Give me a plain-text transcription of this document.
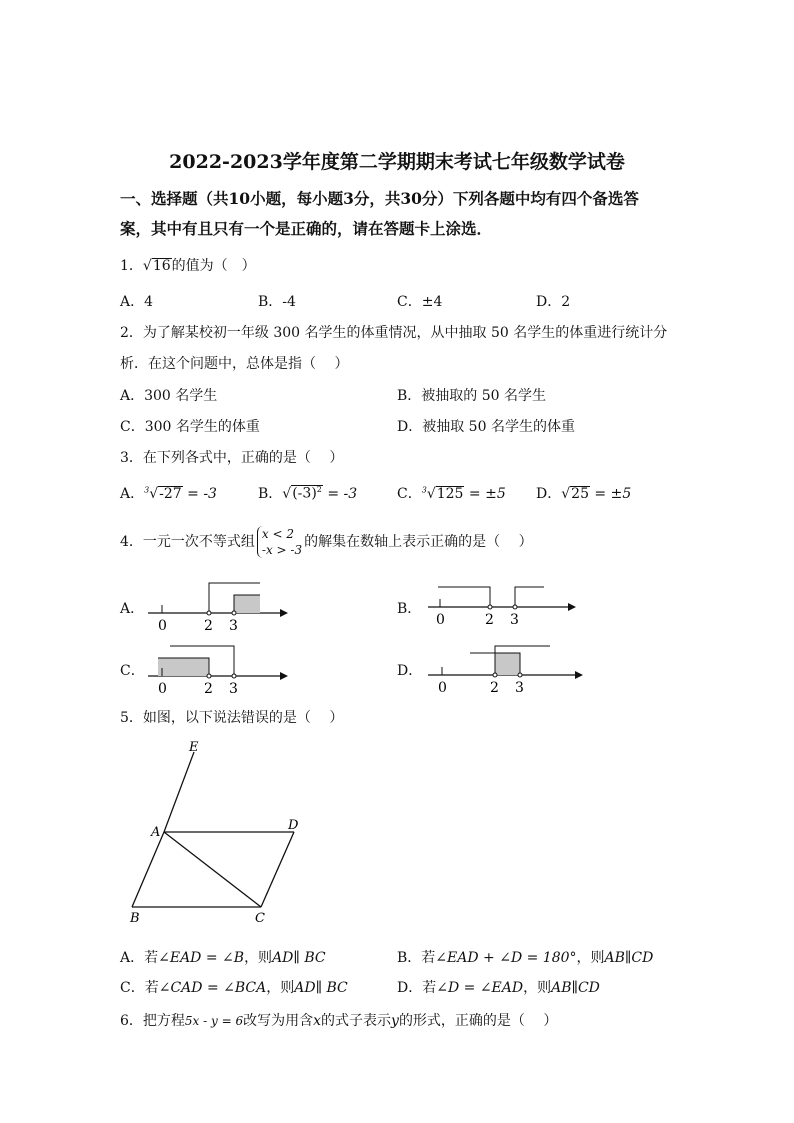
2022-2023学年度第二学期期末考试七年级数学试卷
一、选择题（共10小题，每小题3分，共30分）下列各题中均有四个备选答
案，其中有且只有一个是正确的，请在答题卡上涂选．
1．√16的值为（　）
A．4	B．-4	C．±4	D．2
2．为了解某校初一年级 300 名学生的体重情况，从中抽取 50 名学生的体重进行统计分
析．在这个问题中，总体是指（　 ）
A．300 名学生	B．被抽取的 50 名学生
C．300 名学生的体重	D．被抽取 50 名学生的体重
3．在下列各式中，正确的是（　 ）
A．$^3$√-27 = -3	B．$√(-3)^2 = -3$	C．$^3$√125 = ±5 D．√25 = ±5
4．一元一次不等式组x < 2
-x > -3 的解集在数轴上表示正确的是（　 ）
A．	B．
C．	D．
0	2 3	0	2 3
0	2 3	0	2 3
5．如图，以下说法错误的是（　 ）
E
A	D
B	C
A．若∠EAD = ∠B，则AD∥ BC	B．若∠EAD + ∠D = 180°，则AB∥CD
C．若∠CAD = ∠BCA，则AD∥ BC	D．若∠D = ∠EAD，则AB∥CD
6．把方程5x - y = 6改写为用含x的式子表示y的形式，正确的是（　 ）
